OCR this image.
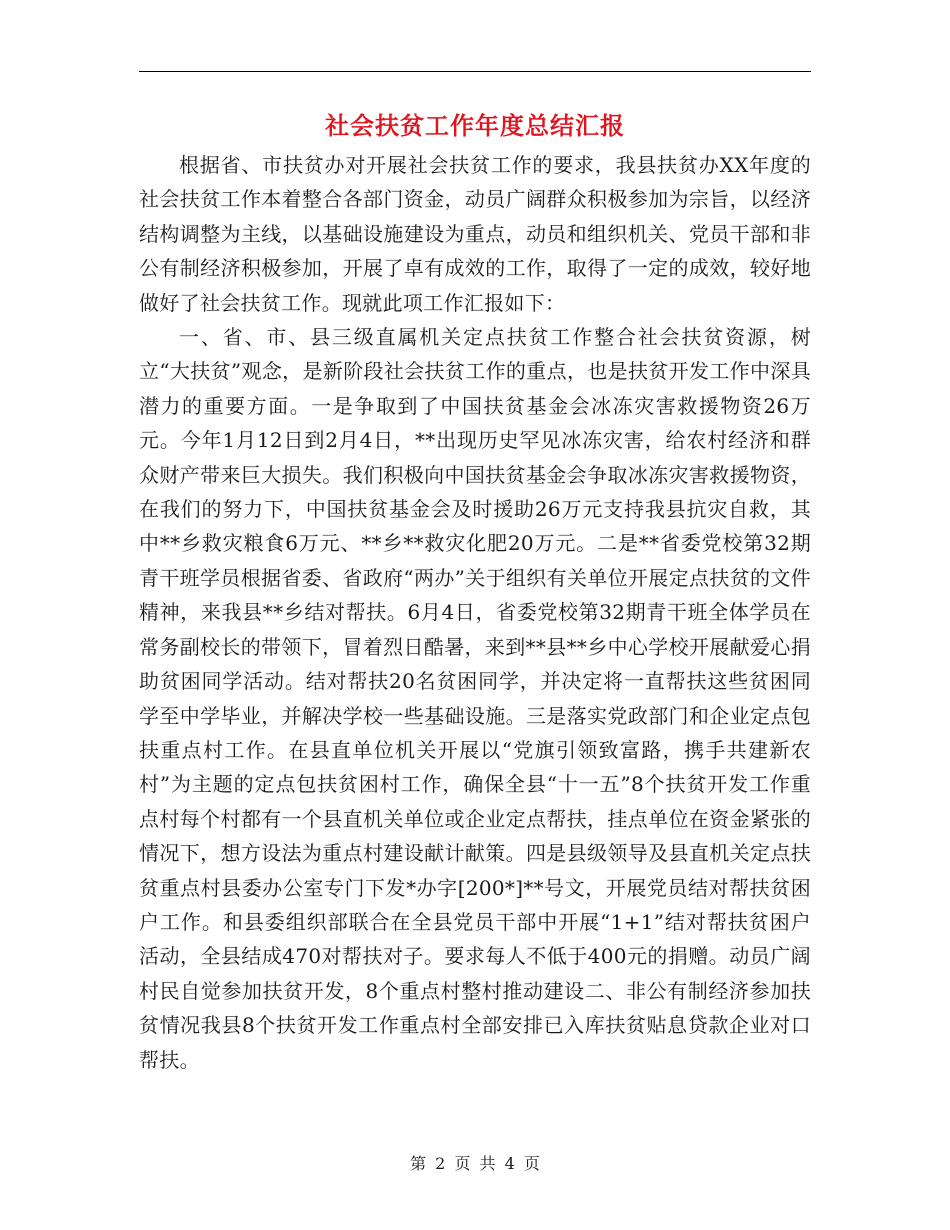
社会扶贫工作年度总结汇报

根据省、市扶贫办对开展社会扶贫工作的要求，我县扶贫办XX年度的社会扶贫工作本着整合各部门资金，动员广阔群众积极参加为宗旨，以经济结构调整为主线，以基础设施建设为重点，动员和组织机关、党员干部和非公有制经济积极参加，开展了卓有成效的工作，取得了一定的成效，较好地做好了社会扶贫工作。现就此项工作汇报如下：

一、省、市、县三级直属机关定点扶贫工作整合社会扶贫资源，树立“大扶贫”观念，是新阶段社会扶贫工作的重点，也是扶贫开发工作中深具潜力的重要方面。一是争取到了中国扶贫基金会冰冻灾害救援物资26万元。今年1月12日到2月4日，**出现历史罕见冰冻灾害，给农村经济和群众财产带来巨大损失。我们积极向中国扶贫基金会争取冰冻灾害救援物资，在我们的努力下，中国扶贫基金会及时援助26万元支持我县抗灾自救，其中**乡救灾粮食6万元、**乡**救灾化肥20万元。二是**省委党校第32期青干班学员根据省委、省政府“两办”关于组织有关单位开展定点扶贫的文件精神，来我县**乡结对帮扶。6月4日，省委党校第32期青干班全体学员在常务副校长的带领下，冒着烈日酷暑，来到**县**乡中心学校开展献爱心捐助贫困同学活动。结对帮扶20名贫困同学，并决定将一直帮扶这些贫困同学至中学毕业，并解决学校一些基础设施。三是落实党政部门和企业定点包扶重点村工作。在县直单位机关开展以“党旗引领致富路，携手共建新农村”为主题的定点包扶贫困村工作，确保全县“十一五”8个扶贫开发工作重点村每个村都有一个县直机关单位或企业定点帮扶，挂点单位在资金紧张的情况下，想方设法为重点村建设献计献策。四是县级领导及县直机关定点扶贫重点村县委办公室专门下发*办字[200*]**号文，开展党员结对帮扶贫困户工作。和县委组织部联合在全县党员干部中开展“1+1”结对帮扶贫困户活动，全县结成470对帮扶对子。要求每人不低于400元的捐赠。动员广阔村民自觉参加扶贫开发，8个重点村整村推动建设二、非公有制经济参加扶贫情况我县8个扶贫开发工作重点村全部安排已入库扶贫贴息贷款企业对口帮扶。

第 2 页 共 4 页
